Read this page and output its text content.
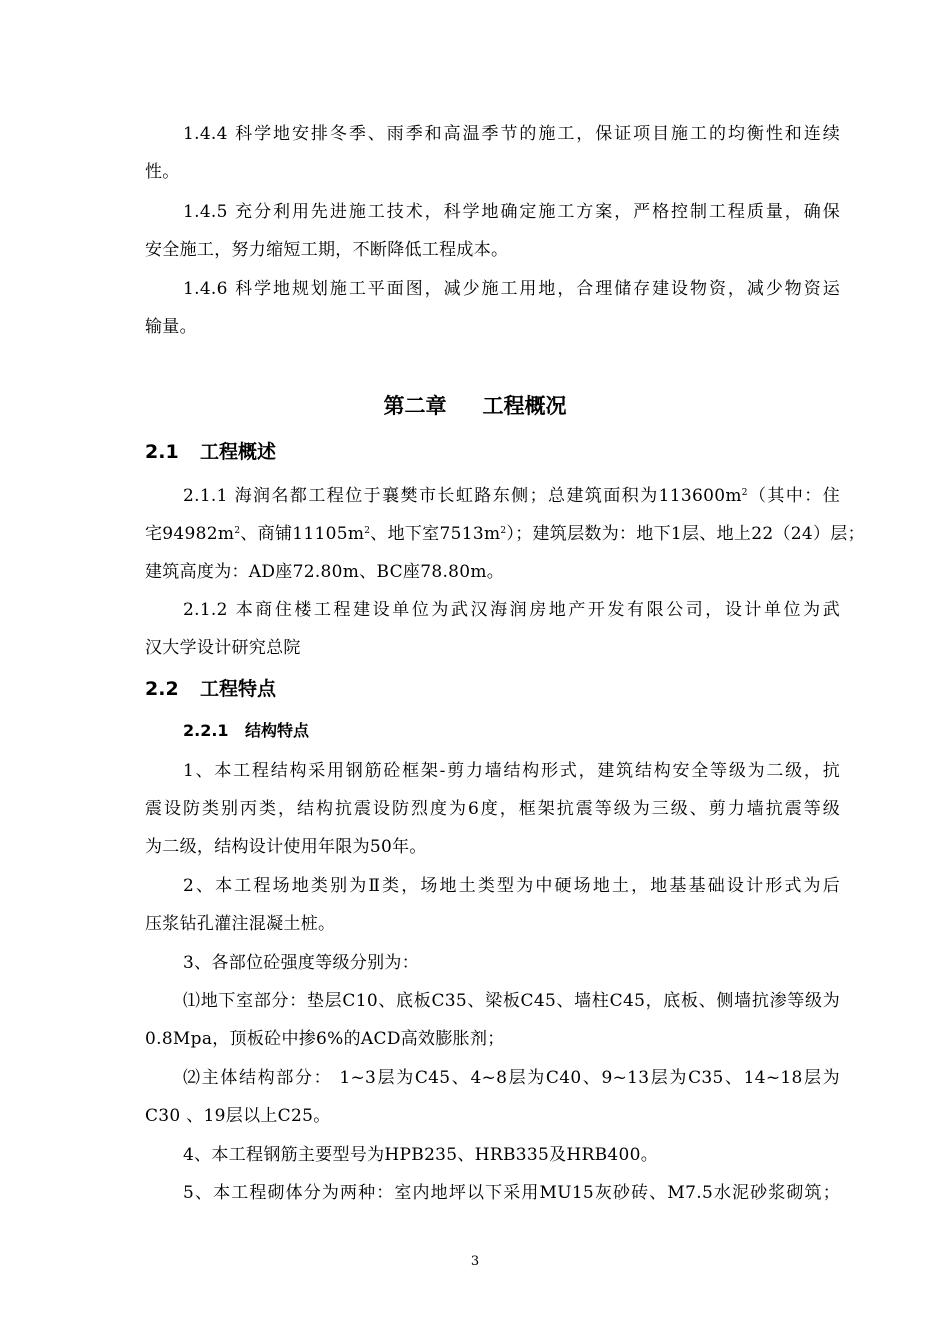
1.4.4 科学地安排冬季、雨季和高温季节的施工，保证项目施工的均衡性和连续
性。
1.4.5 充分利用先进施工技术，科学地确定施工方案，严格控制工程质量，确保
安全施工，努力缩短工期，不断降低工程成本。
1.4.6 科学地规划施工平面图，减少施工用地，合理储存建设物资，减少物资运
输量。
第二章 工程概况
2.1 工程概述
2.1.1 海润名都工程位于襄樊市长虹路东侧；总建筑面积为$113600m^2$（其中：住
宅$94982m^2$、商铺$11105m^2$、地下室$7513m^2$）；建筑层数为：地下1层、地上22（24）层；
建筑高度为：AD座72.80m、BC座78.80m。
2.1.2 本商住楼工程建设单位为武汉海润房地产开发有限公司，设计单位为武
汉大学设计研究总院
2.2 工程特点
2.2.1 结构特点
1、本工程结构采用钢筋砼框架-剪力墙结构形式，建筑结构安全等级为二级，抗
震设防类别丙类，结构抗震设防烈度为6度，框架抗震等级为三级、剪力墙抗震等级
为二级，结构设计使用年限为50年。
2、本工程场地类别为Ⅱ类，场地土类型为中硬场地土，地基基础设计形式为后
压浆钻孔灌注混凝土桩。
3、各部位砼强度等级分别为：
⑴地下室部分：垫层C10、底板C35、梁板C45、墙柱C45，底板、侧墙抗渗等级为
0.8Mpa，顶板砼中掺6%的ACD高效膨胀剂；
⑵主体结构部分： 1~3层为C45、4~8层为C40、9~13层为C35、14~18层为
C30 、19层以上C25。
4、本工程钢筋主要型号为HPB235、HRB335及HRB400。
5、本工程砌体分为两种：室内地坪以下采用MU15灰砂砖、M7.5水泥砂浆砌筑；
3
